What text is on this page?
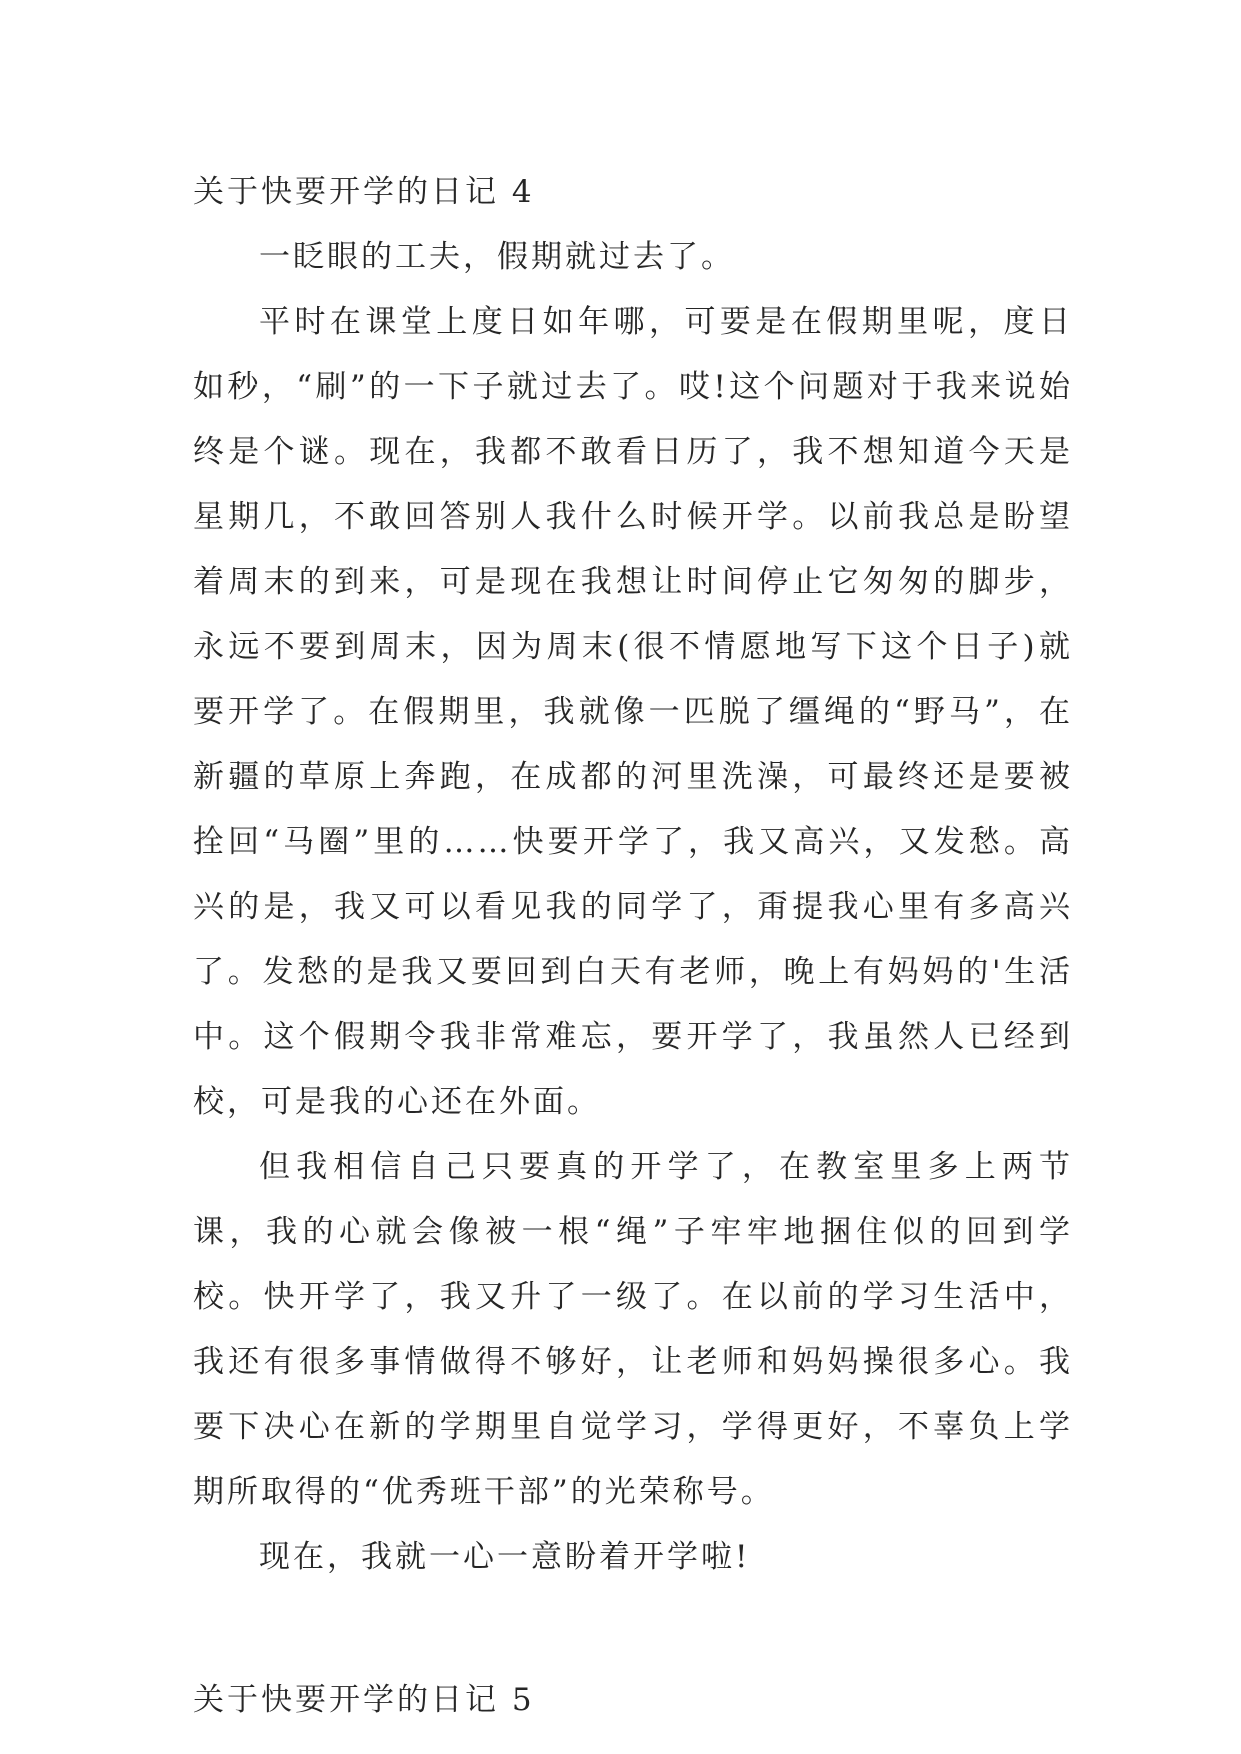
关于快要开学的日记 4

一眨眼的工夫，假期就过去了。

平时在课堂上度日如年哪，可要是在假期里呢，度日如秒，“刷”的一下子就过去了。哎!这个问题对于我来说始终是个谜。现在，我都不敢看日历了，我不想知道今天是星期几，不敢回答别人我什么时候开学。以前我总是盼望着周末的到来，可是现在我想让时间停止它匆匆的脚步，永远不要到周末，因为周末(很不情愿地写下这个日子)就要开学了。在假期里，我就像一匹脱了缰绳的“野马”，在新疆的草原上奔跑，在成都的河里洗澡，可最终还是要被拴回“马圈”里的……快要开学了，我又高兴，又发愁。高兴的是，我又可以看见我的同学了，甭提我心里有多高兴了。发愁的是我又要回到白天有老师，晚上有妈妈的'生活中。这个假期令我非常难忘，要开学了，我虽然人已经到校，可是我的心还在外面。

但我相信自己只要真的开学了，在教室里多上两节课，我的心就会像被一根“绳”子牢牢地捆住似的回到学校。快开学了，我又升了一级了。在以前的学习生活中，我还有很多事情做得不够好，让老师和妈妈操很多心。我要下决心在新的学期里自觉学习，学得更好，不辜负上学期所取得的“优秀班干部”的光荣称号。

现在，我就一心一意盼着开学啦!

关于快要开学的日记 5
